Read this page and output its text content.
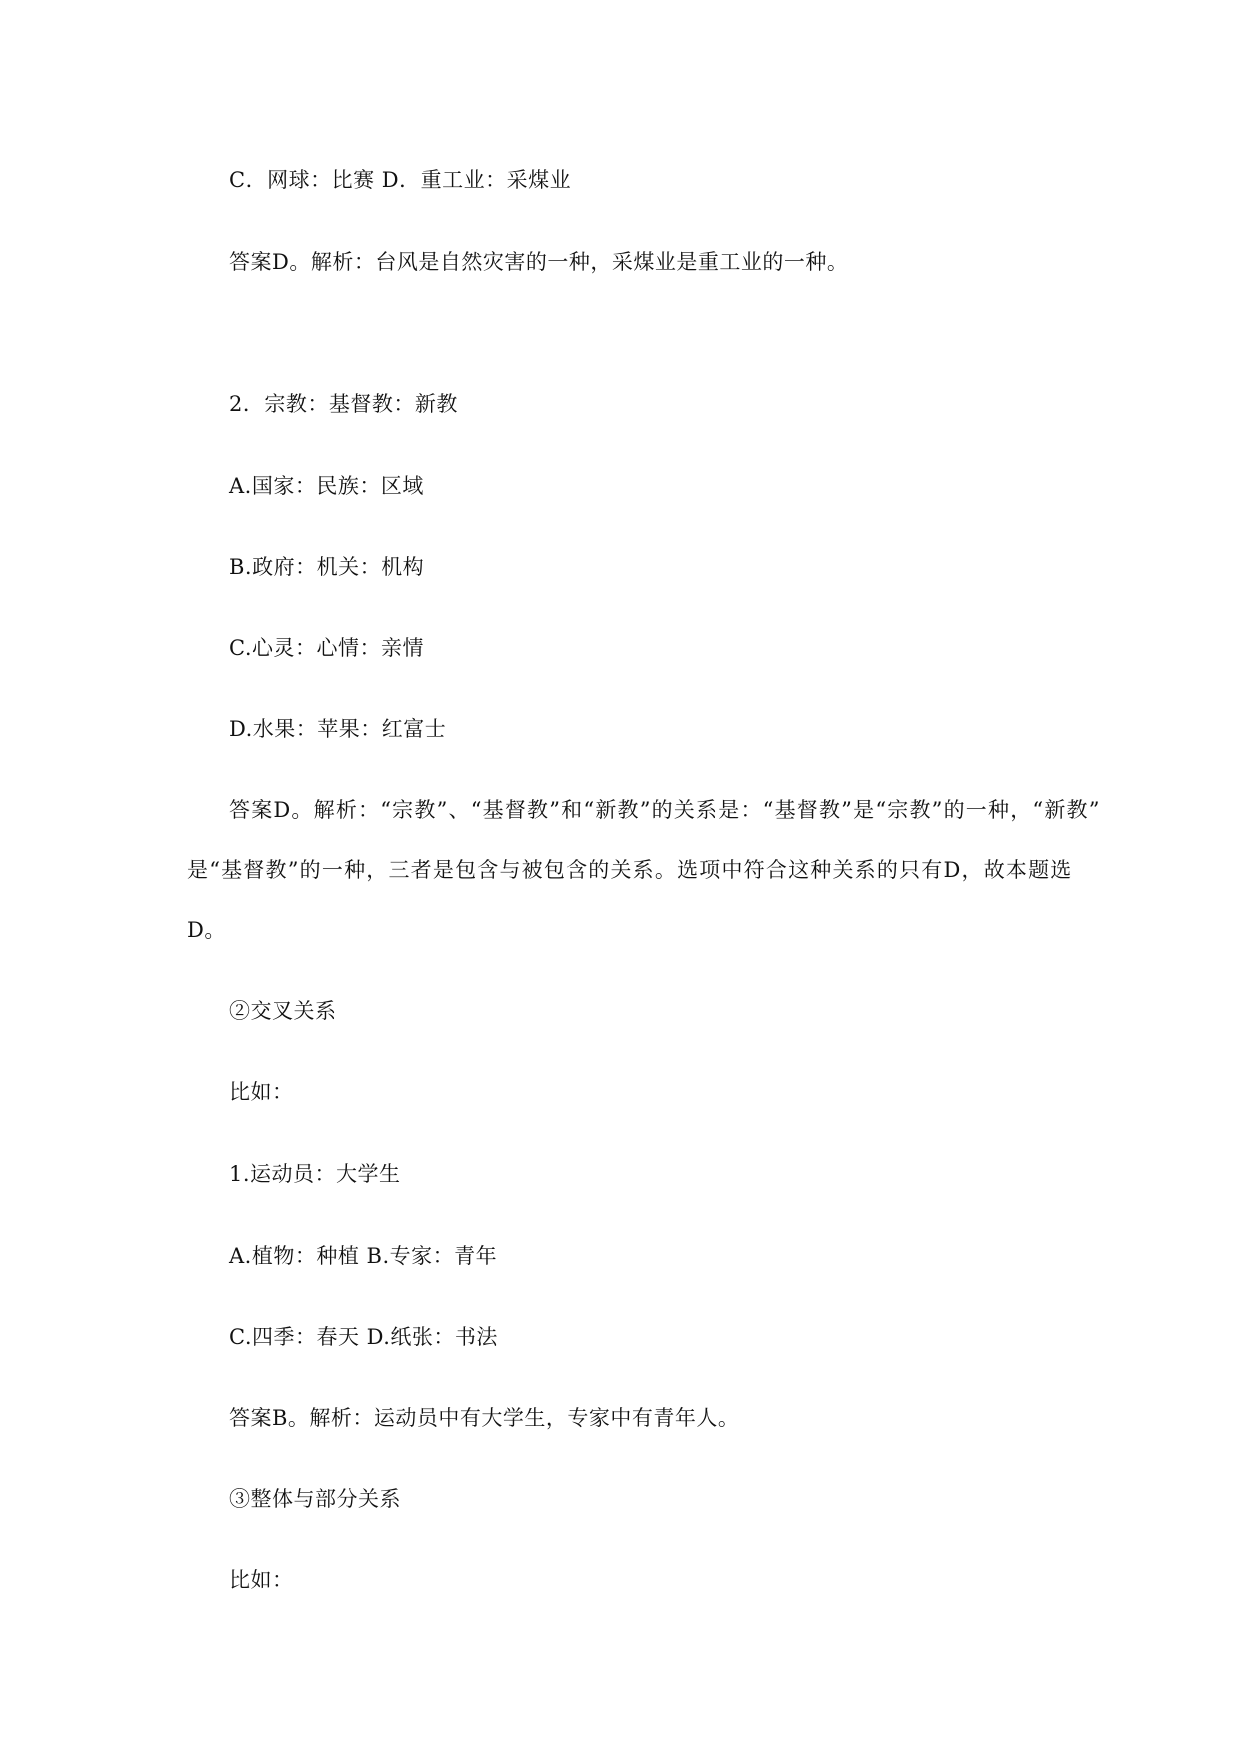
C．网球：比赛 D．重工业：采煤业
答案D。解析：台风是自然灾害的一种，采煤业是重工业的一种。
2．宗教：基督教：新教
A.国家：民族：区域
B.政府：机关：机构
C.心灵：心情：亲情
D.水果：苹果：红富士
答案D。解析：“宗教”、“基督教”和“新教”的关系是：“基督教”是“宗教”的一种，“新教”
是“基督教”的一种，三者是包含与被包含的关系。选项中符合这种关系的只有D，故本题选
D。
②交叉关系
比如：
1.运动员：大学生
A.植物：种植 B.专家：青年
C.四季：春天 D.纸张：书法
答案B。解析：运动员中有大学生，专家中有青年人。
③整体与部分关系
比如：
